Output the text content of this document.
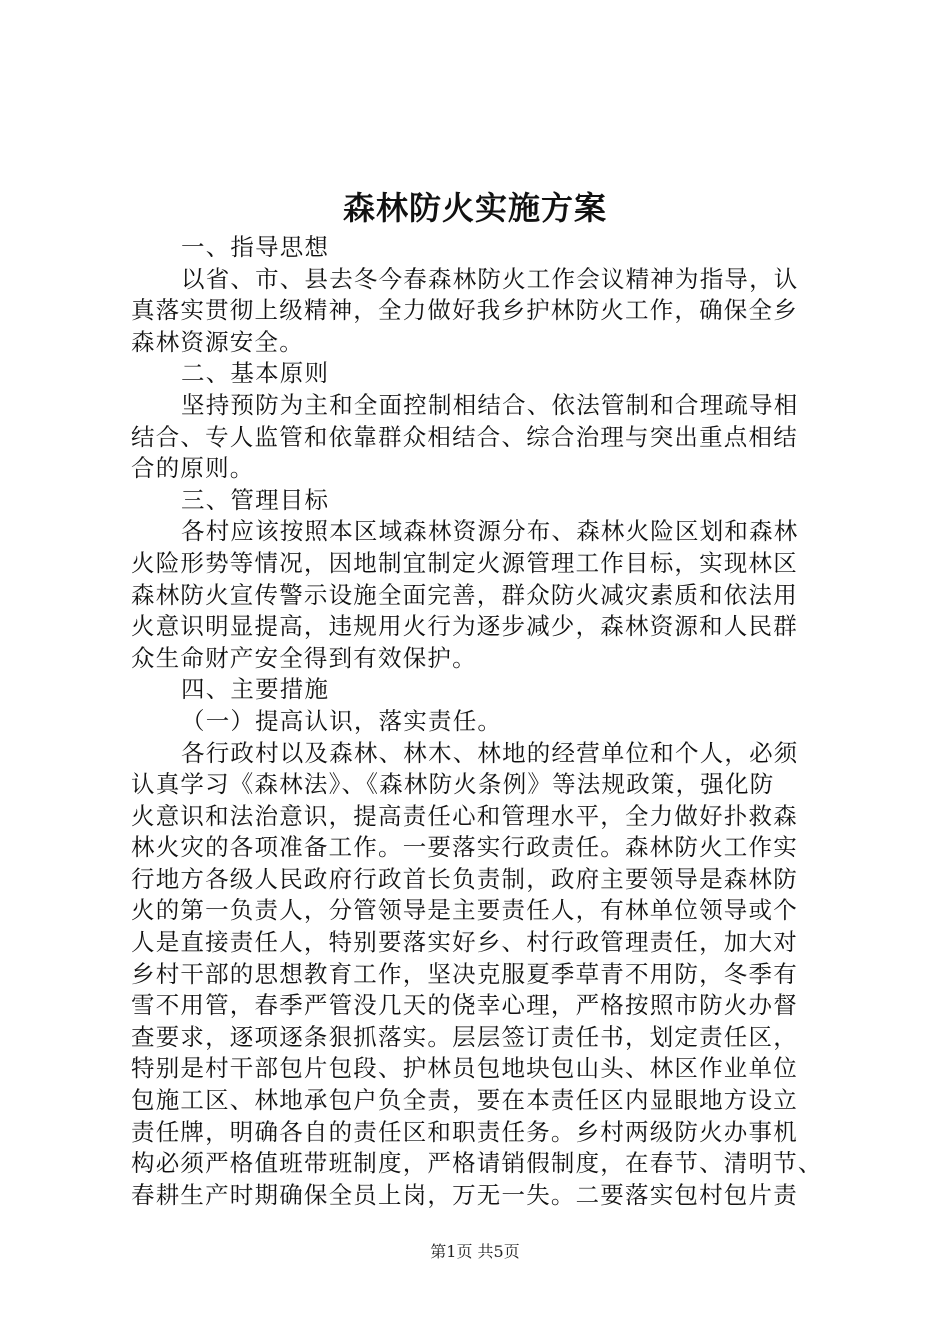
森林防火实施方案
一、指导思想
以省、市、县去冬今春森林防火工作会议精神为指导，认
真落实贯彻上级精神，全力做好我乡护林防火工作，确保全乡
森林资源安全。
二、基本原则
坚持预防为主和全面控制相结合、依法管制和合理疏导相
结合、专人监管和依靠群众相结合、综合治理与突出重点相结
合的原则。
三、管理目标
各村应该按照本区域森林资源分布、森林火险区划和森林
火险形势等情况，因地制宜制定火源管理工作目标，实现林区
森林防火宣传警示设施全面完善，群众防火减灾素质和依法用
火意识明显提高，违规用火行为逐步减少，森林资源和人民群
众生命财产安全得到有效保护。
四、主要措施
（一）提高认识，落实责任。
各行政村以及森林、林木、林地的经营单位和个人，必须
认真学习《森林法》、《森林防火条例》等法规政策，强化防
火意识和法治意识，提高责任心和管理水平，全力做好扑救森
林火灾的各项准备工作。一要落实行政责任。森林防火工作实
行地方各级人民政府行政首长负责制，政府主要领导是森林防
火的第一负责人，分管领导是主要责任人，有林单位领导或个
人是直接责任人，特别要落实好乡、村行政管理责任，加大对
乡村干部的思想教育工作，坚决克服夏季草青不用防，冬季有
雪不用管，春季严管没几天的侥幸心理，严格按照市防火办督
查要求，逐项逐条狠抓落实。层层签订责任书，划定责任区，
特别是村干部包片包段、护林员包地块包山头、林区作业单位
包施工区、林地承包户负全责，要在本责任区内显眼地方设立
责任牌，明确各自的责任区和职责任务。乡村两级防火办事机
构必须严格值班带班制度，严格请销假制度，在春节、清明节、
春耕生产时期确保全员上岗，万无一失。二要落实包村包片责
第1页 共5页
